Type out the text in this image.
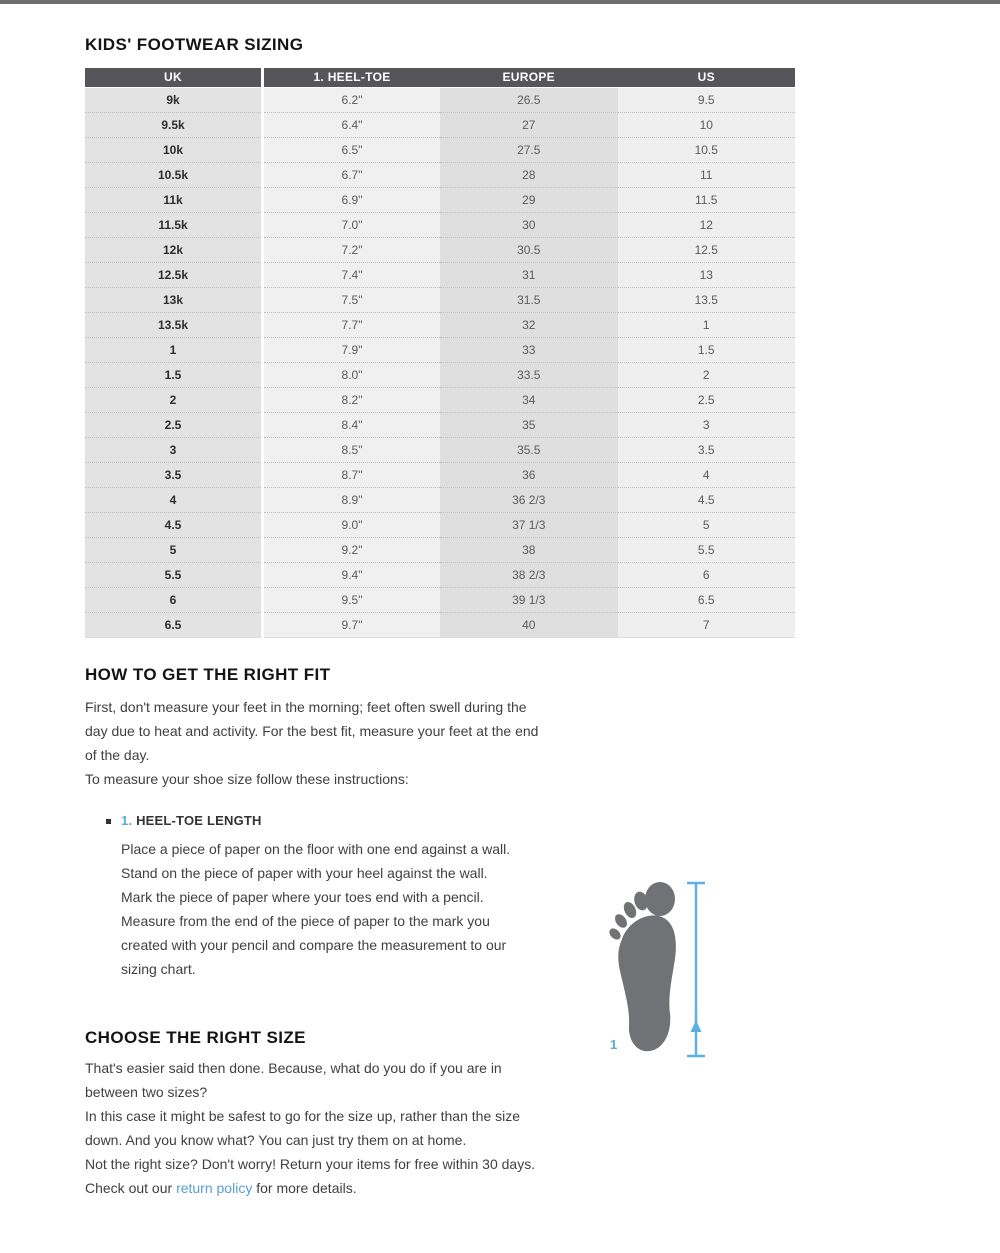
KIDS' FOOTWEAR SIZING
UK	1. HEEL-TOE	EUROPE	US
9k	6.2"	26.5	9.5
9.5k	6.4"	27	10
10k	6.5"	27.5	10.5
10.5k	6.7"	28	11
11k	6.9"	29	11.5
11.5k	7.0"	30	12
12k	7.2"	30.5	12.5
12.5k	7.4"	31	13
13k	7.5"	31.5	13.5
13.5k	7.7"	32	1
1	7.9"	33	1.5
1.5	8.0"	33.5	2
2	8.2"	34	2.5
2.5	8.4"	35	3
3	8.5"	35.5	3.5
3.5	8.7"	36	4
4	8.9"	36 2/3	4.5
4.5	9.0"	37 1/3	5
5	9.2"	38	5.5
5.5	9.4"	38 2/3	6
6	9.5"	39 1/3	6.5
6.5	9.7"	40	7
HOW TO GET THE RIGHT FIT

First, don't measure your feet in the morning; feet often swell during the day due to heat and activity. For the best fit, measure your feet at the end of the day.

To measure your shoe size follow these instructions:

1. HEEL-TOE LENGTH
Place a piece of paper on the floor with one end against a wall.
Stand on the piece of paper with your heel against the wall.
Mark the piece of paper where your toes end with a pencil.
Measure from the end of the piece of paper to the mark you created with your pencil and compare the measurement to our sizing chart.
CHOOSE THE RIGHT SIZE

That's easier said then done. Because, what do you do if you are in between two sizes?

In this case it might be safest to go for the size up, rather than the size down. And you know what? You can just try them on at home.

Not the right size? Don't worry! Return your items for free within 30 days. Check out our return policy for more details.

1
